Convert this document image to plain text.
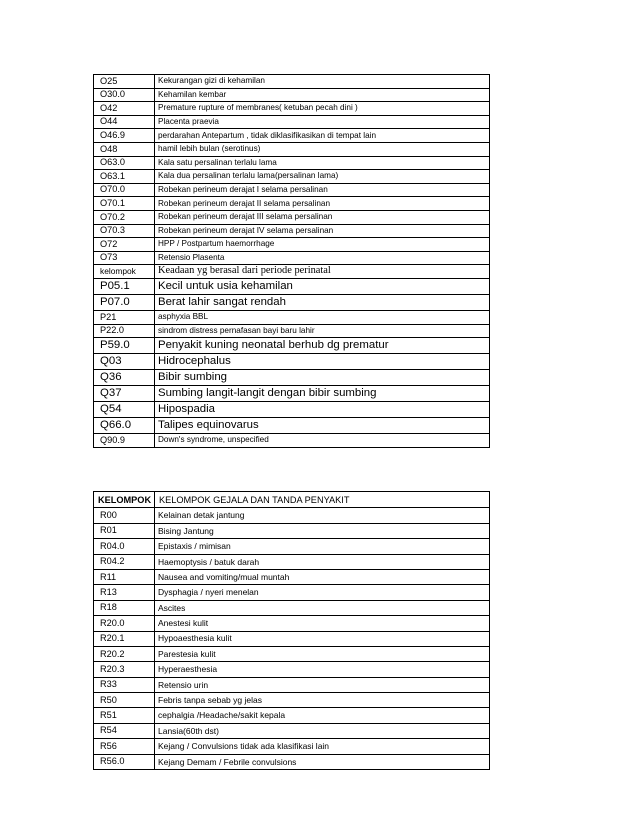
O25	Kekurangan gizi di kehamilan
O30.0	Kehamilan kembar
O42	Premature rupture of membranes( ketuban pecah dini )
O44	Placenta praevia
O46.9	perdarahan Antepartum , tidak diklasifikasikan di tempat lain
O48	hamil lebih bulan (serotinus)
O63.0	Kala satu persalinan terlalu lama
O63.1	Kala dua persalinan terlalu lama(persalinan lama)
O70.0	Robekan perineum derajat I selama persalinan
O70.1	Robekan perineum derajat II selama persalinan
O70.2	Robekan perineum derajat III selama persalinan
O70.3	Robekan perineum derajat IV selama persalinan
O72	HPP / Postpartum haemorrhage
O73	Retensio Plasenta
kelompok	Keadaan yg berasal dari periode perinatal
P05.1	Kecil untuk usia kehamilan
P07.0	Berat lahir sangat rendah
P21	asphyxia BBL
P22.0	sindrom distress pernafasan bayi baru lahir
P59.0	Penyakit kuning neonatal berhub dg prematur
Q03	Hidrocephalus
Q36	Bibir sumbing
Q37	Sumbing langit-langit dengan bibir sumbing
Q54	Hipospadia
Q66.0	Talipes equinovarus
Q90.9	Down's syndrome, unspecified
KELOMPOK	KELOMPOK GEJALA DAN TANDA PENYAKIT
R00	Kelainan detak jantung
R01	Bising Jantung
R04.0	Epistaxis / mimisan
R04.2	Haemoptysis / batuk darah
R11	Nausea and vomiting/mual muntah
R13	Dysphagia / nyeri menelan
R18	Ascites
R20.0	Anestesi kulit
R20.1	Hypoaesthesia kulit
R20.2	Parestesia kulit
R20.3	Hyperaesthesia
R33	Retensio urin
R50	Febris tanpa sebab yg jelas
R51	cephalgia /Headache/sakit kepala
R54	Lansia(60th dst)
R56	Kejang / Convulsions tidak ada klasifikasi lain
R56.0	Kejang Demam / Febrile convulsions
